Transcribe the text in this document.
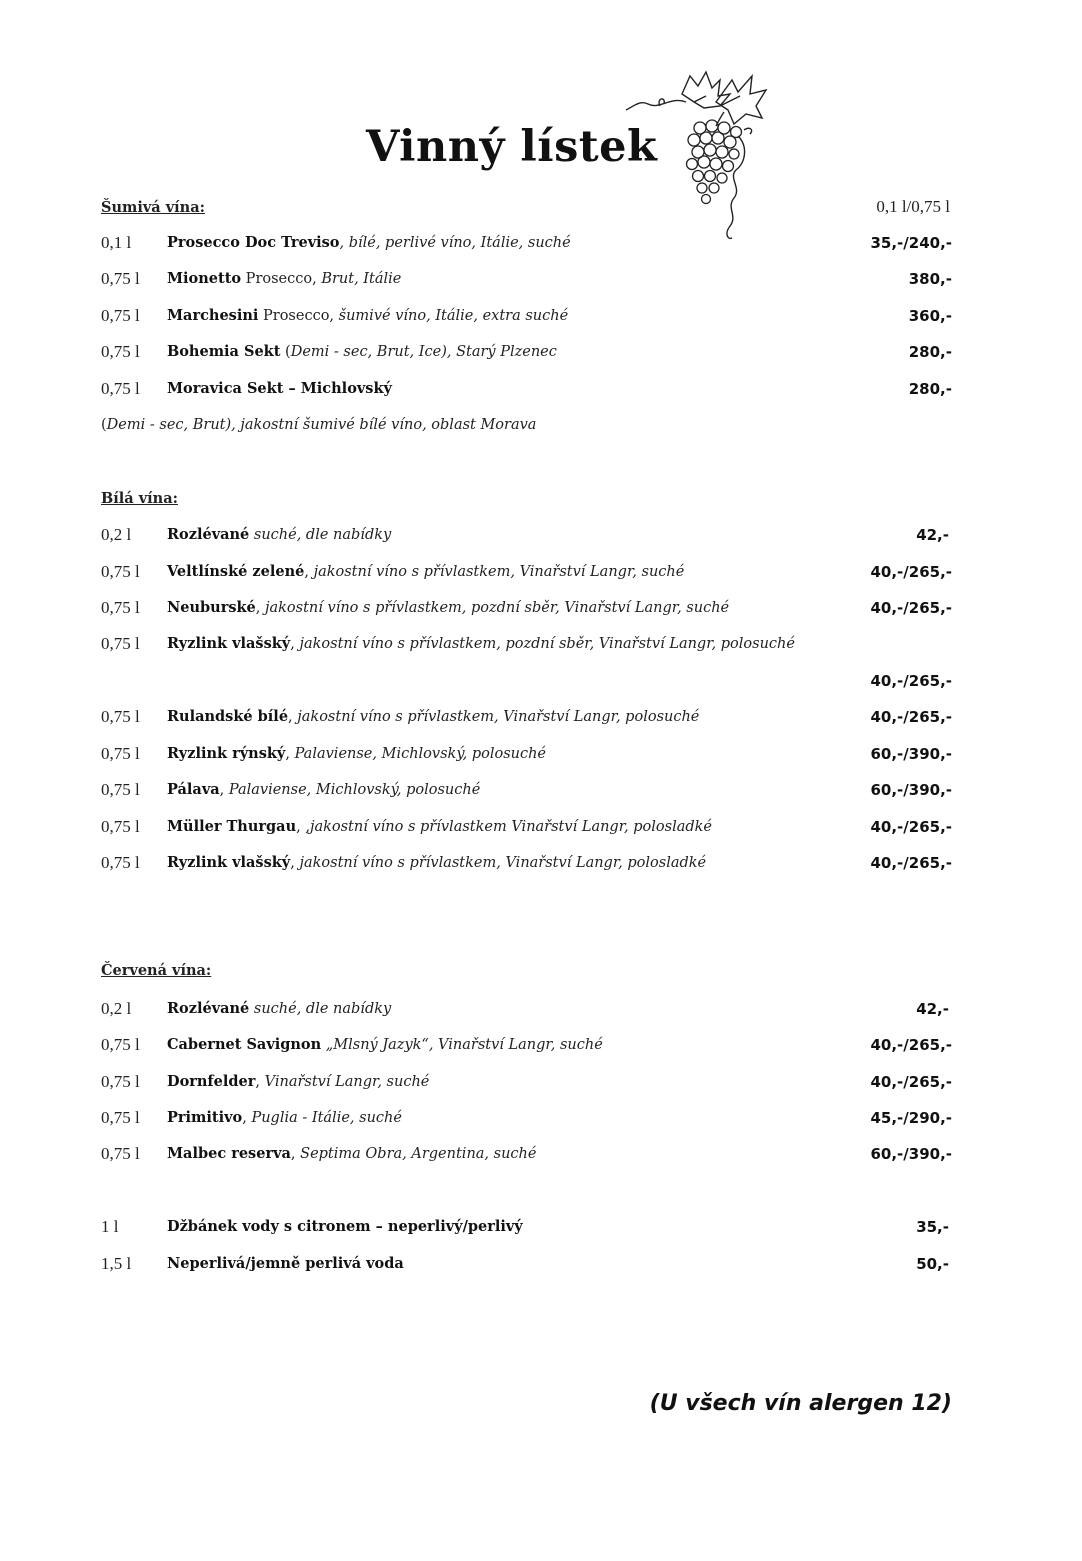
Vinný lístek
Šumivá vína:	0,1 l/0,75 l
0,1 l Prosecco Doc Treviso, bílé, perlivé víno, Itálie, suché	35,-/240,-
0,75 l Mionetto Prosecco, Brut, Itálie	380,-
0,75 l Marchesini Prosecco, šumivé víno, Itálie, extra suché	360,-
0,75 l Bohemia Sekt (Demi - sec, Brut, Ice), Starý Plzenec	280,-
0,75 l Moravica Sekt – Michlovský	280,-
(Demi - sec, Brut), jakostní šumivé bílé víno, oblast Morava
Bílá vína:
0,2 l Rozlévané suché, dle nabídky	42,-
0,75 l Veltlínské zelené, jakostní víno s přívlastkem, Vinařství Langr, suché	40,-/265,-
0,75 l Neuburské, jakostní víno s přívlastkem, pozdní sběr, Vinařství Langr, suché	40,-/265,-
0,75 l Ryzlink vlašský, jakostní víno s přívlastkem, pozdní sběr, Vinařství Langr, polosuché
40,-/265,-
0,75 l Rulandské bílé, jakostní víno s přívlastkem, Vinařství Langr, polosuché	40,-/265,-
0,75 l Ryzlink rýnský, Palaviense, Michlovský, polosuché	60,-/390,-
0,75 l Pálava, Palaviense, Michlovský, polosuché	60,-/390,-
0,75 l Müller Thurgau, ,jakostní víno s přívlastkem Vinařství Langr, polosladké	40,-/265,-
0,75 l Ryzlink vlašský, jakostní víno s přívlastkem, Vinařství Langr, polosladké	40,-/265,-
Červená vína:
0,2 l Rozlévané suché, dle nabídky	42,-
0,75 l Cabernet Savignon „Mlsný Jazyk“, Vinařství Langr, suché	40,-/265,-
0,75 l Dornfelder, Vinařství Langr, suché	40,-/265,-
0,75 l Primitivo, Puglia - Itálie, suché	45,-/290,-
0,75 l Malbec reserva, Septima Obra, Argentina, suché	60,-/390,-
1 l	Džbánek vody s citronem – neperlivý/perlivý	35,-
1,5 l Neperlivá/jemně perlivá voda	50,-
(U všech vín alergen 12)
